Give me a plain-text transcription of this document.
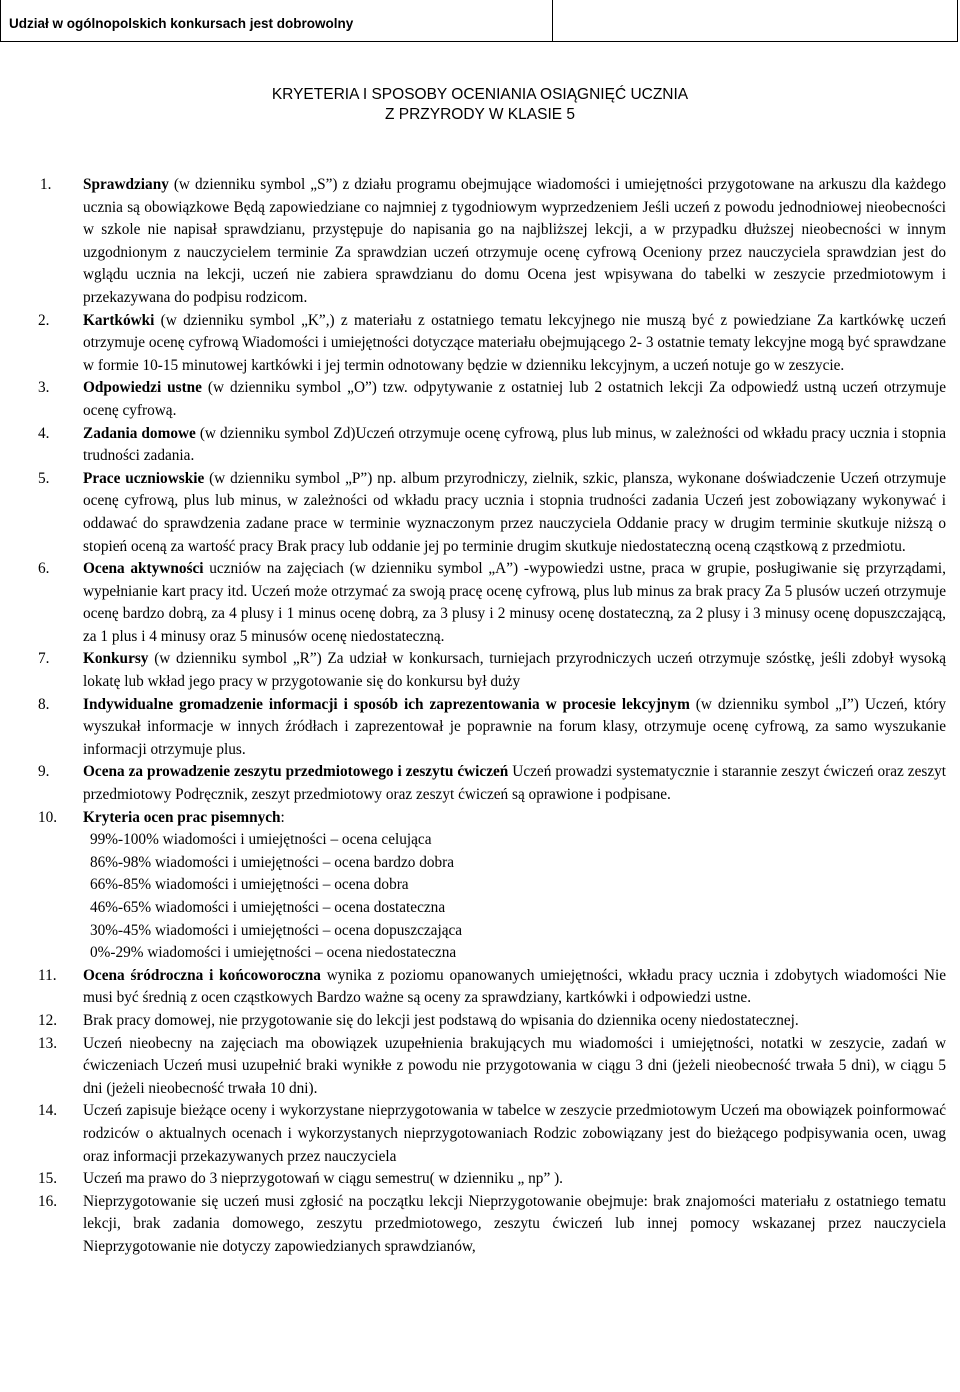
Udział w ogólnopolskich konkursach jest dobrowolny
KRYETERIA I SPOSOBY OCENIANIA OSIĄGNIĘĆ UCZNIA
Z PRZYRODY W KLASIE 5
1. Sprawdziany (w dzienniku symbol „S”) z działu programu obejmujące wiadomości i umiejętności przygotowane na arkuszu dla każdego ucznia są obowiązkowe Będą zapowiedziane co najmniej z tygodniowym wyprzedzeniem Jeśli uczeń z powodu jednodniowej nieobecności w szkole nie napisał sprawdzianu, przystępuje do napisania go na najbliższej lekcji, a w przypadku dłuższej nieobecności w innym uzgodnionym z nauczycielem terminie Za sprawdzian uczeń otrzymuje ocenę cyfrową Oceniony przez nauczyciela sprawdzian jest do wglądu ucznia na lekcji, uczeń nie zabiera sprawdzianu do domu Ocena jest wpisywana do tabelki w zeszycie przedmiotowym i przekazywana do podpisu rodzicom.
2. Kartkówki (w dzienniku symbol „K”,) z materiału z ostatniego tematu lekcyjnego nie muszą być z powiedziane Za kartkówkę uczeń otrzymuje ocenę cyfrową Wiadomości i umiejętności dotyczące materiału obejmującego 2- 3 ostatnie tematy lekcyjne mogą być sprawdzane w formie 10-15 minutowej kartkówki i jej termin odnotowany będzie w dzienniku lekcyjnym, a uczeń notuje go w zeszycie.
3. Odpowiedzi ustne (w dzienniku symbol „O”) tzw. odpytywanie z ostatniej lub 2 ostatnich lekcji Za odpowiedź ustną uczeń otrzymuje ocenę cyfrową.
4. Zadania domowe (w dzienniku symbol Zd)Uczeń otrzymuje ocenę cyfrową, plus lub minus, w zależności od wkładu pracy ucznia i stopnia trudności zadania.
5. Prace uczniowskie (w dzienniku symbol „P”) np. album przyrodniczy, zielnik, szkic, plansza, wykonane doświadczenie Uczeń otrzymuje ocenę cyfrową, plus lub minus, w zależności od wkładu pracy ucznia i stopnia trudności zadania Uczeń jest zobowiązany wykonywać i oddawać do sprawdzenia zadane prace w terminie wyznaczonym przez nauczyciela Oddanie pracy w drugim terminie skutkuje niższą o stopień oceną za wartość pracy Brak pracy lub oddanie jej po terminie drugim skutkuje niedostateczną oceną cząstkową z przedmiotu.
6. Ocena aktywności uczniów na zajęciach (w dzienniku symbol „A”) -wypowiedzi ustne, praca w grupie, posługiwanie się przyrządami, wypełnianie kart pracy itd. Uczeń może otrzymać za swoją pracę ocenę cyfrową, plus lub minus za brak pracy Za 5 plusów uczeń otrzymuje ocenę bardzo dobrą, za 4 plusy i 1 minus ocenę dobrą, za 3 plusy i 2 minusy ocenę dostateczną, za 2 plusy i 3 minusy ocenę dopuszczającą, za 1 plus i 4 minusy oraz 5 minusów ocenę niedostateczną.
7. Konkursy (w dzienniku symbol „R”) Za udział w konkursach, turniejach przyrodniczych uczeń otrzymuje szóstkę, jeśli zdobył wysoką lokatę lub wkład jego pracy w przygotowanie się do konkursu był duży
8. Indywidualne gromadzenie informacji i sposób ich zaprezentowania w procesie lekcyjnym (w dzienniku symbol „I”) Uczeń, który wyszukał informacje w innych źródłach i zaprezentował je poprawnie na forum klasy, otrzymuje ocenę cyfrową, za samo wyszukanie informacji otrzymuje plus.
9. Ocena za prowadzenie zeszytu przedmiotowego i zeszytu ćwiczeń Uczeń prowadzi systematycznie i starannie zeszyt ćwiczeń oraz zeszyt przedmiotowy Podręcznik, zeszyt przedmiotowy oraz zeszyt ćwiczeń są oprawione i podpisane.
10. Kryteria ocen prac pisemnych:
99%-100% wiadomości i umiejętności – ocena celująca
86%-98% wiadomości i umiejętności – ocena bardzo dobra
66%-85% wiadomości i umiejętności – ocena dobra
46%-65% wiadomości i umiejętności – ocena dostateczna
30%-45% wiadomości i umiejętności – ocena dopuszczająca
0%-29% wiadomości i umiejętności – ocena niedostateczna
11. Ocena śródroczna i końcoworoczna wynika z poziomu opanowanych umiejętności, wkładu pracy ucznia i zdobytych wiadomości Nie musi być średnią z ocen cząstkowych Bardzo ważne są oceny za sprawdziany, kartkówki i odpowiedzi ustne.
12. Brak pracy domowej, nie przygotowanie się do lekcji jest podstawą do wpisania do dziennika oceny niedostatecznej.
13. Uczeń nieobecny na zajęciach ma obowiązek uzupełnienia brakujących mu wiadomości i umiejętności, notatki w zeszycie, zadań w ćwiczeniach Uczeń musi uzupełnić braki wynikłe z powodu nie przygotowania w ciągu 3 dni (jeżeli nieobecność trwała 5 dni), w ciągu 5 dni (jeżeli nieobecność trwała 10 dni).
14. Uczeń zapisuje bieżące oceny i wykorzystane nieprzygotowania w tabelce w zeszycie przedmiotowym Uczeń ma obowiązek poinformować rodziców o aktualnych ocenach i wykorzystanych nieprzygotowaniach Rodzic zobowiązany jest do bieżącego podpisywania ocen, uwag oraz informacji przekazywanych przez nauczyciela
15. Uczeń ma prawo do 3 nieprzygotowań w ciągu semestru( w dzienniku „ np” ).
16. Nieprzygotowanie się uczeń musi zgłosić na początku lekcji Nieprzygotowanie obejmuje: brak znajomości materiału z ostatniego tematu lekcji, brak zadania domowego, zeszytu przedmiotowego, zeszytu ćwiczeń lub innej pomocy wskazanej przez nauczyciela Nieprzygotowanie nie dotyczy zapowiedzianych sprawdzianów,
